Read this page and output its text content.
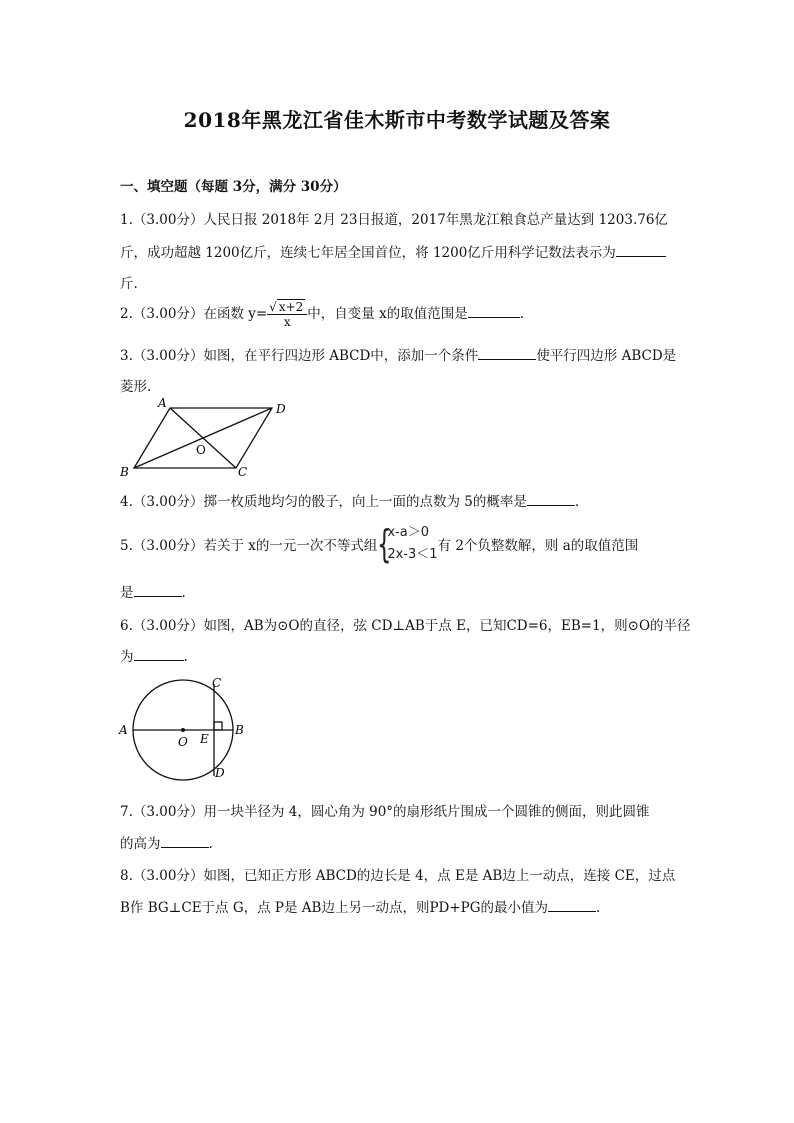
2018年黑龙江省佳木斯市中考数学试题及答案
一、填空题（每题 3分，满分 30分）
1.（3.00分）人民日报 2018年 2月 23日报道，2017年黑龙江粮食总产量达到 1203.76亿
斤，成功超越 1200亿斤，连续七年居全国首位，将 1200亿斤用科学记数法表示为
斤.
2.（3.00分）在函数 $y= \frac{√ x+2}{x}$ 中，自变量 x的取值范围是	.
3.（3.00分）如图，在平行四边形 ABCD中，添加一个条件	使平行四边形 ABCD是
菱形.
A	D
B	C
O
4.（3.00分）掷一枚质地均匀的骰子，向上一面的点数为 5的概率是	.
5.（3.00分）若关于 x的一元一次不等式组 {
x-a＞0
2x-3＜1
有 2个负整数解，则 a的取值范围
是	.
6.（3.00分）如图，AB为⊙O的直径，弦 CD⊥AB于点 E，已知CD=6，EB=1，则⊙O的半径
为	.
A	B
C
D
O E
7.（3.00分）用一块半径为 4，圆心角为 90°的扇形纸片围成一个圆锥的侧面，则此圆锥
的高为	.
8.（3.00分）如图，已知正方形 ABCD的边长是 4，点 E是 AB边上一动点，连接 CE，过点
B作 BG⊥CE于点 G，点 P是 AB边上另一动点，则PD+PG的最小值为	.
